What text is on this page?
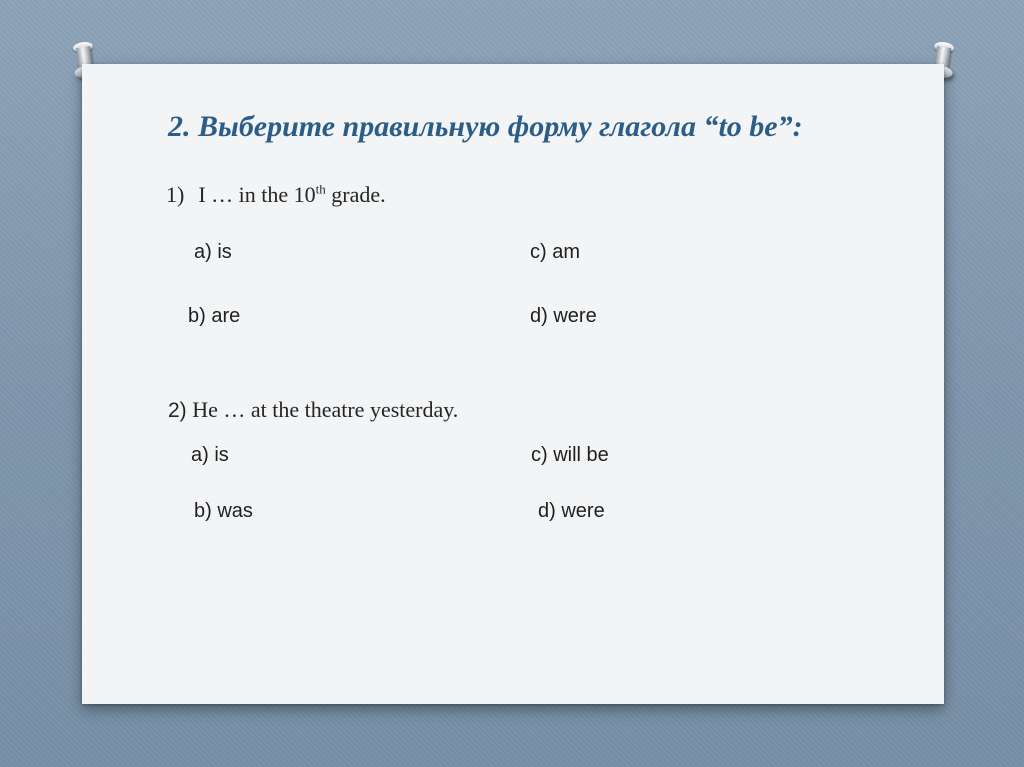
2. Выберите правильную форму глагола “to be”:
1) I … in the 10th grade.
a) is	c) am
b) are	d) were
2) He … at the theatre yesterday.
a) is	c) will be
b) was	d) were
